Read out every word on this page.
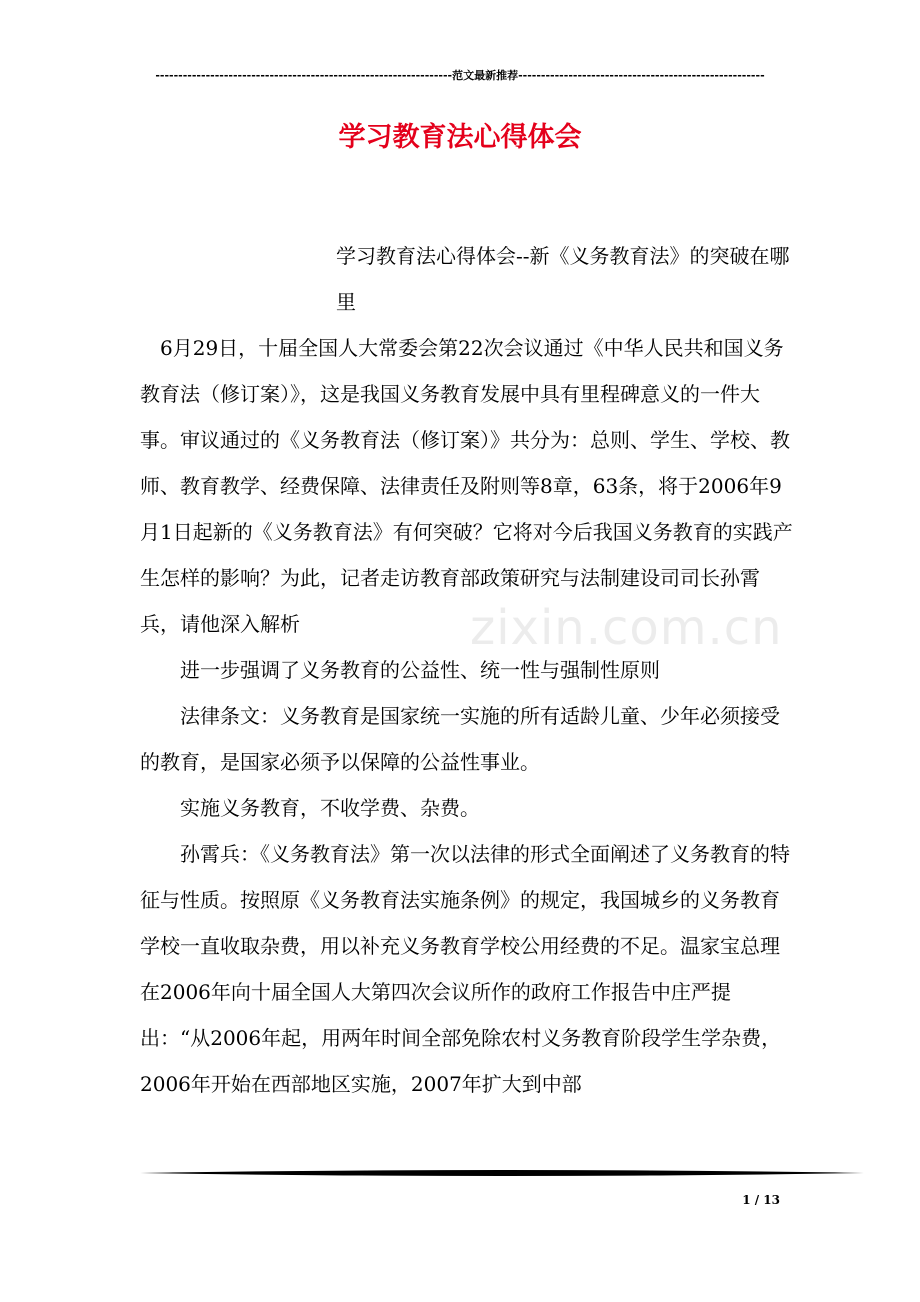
-----------------------------------------------------------------范文最新推荐------------------------------------------------------
学习教育法心得体会
zixin.com.cn

学习教育法心得体会--新《义务教育法》的突破在哪里

6月29日，十届全国人大常委会第22次会议通过《中华人民共和国义务教育法（修订案）》，这是我国义务教育发展中具有里程碑意义的一件大事。审议通过的《义务教育法（修订案）》共分为：总则、学生、学校、教师、教育教学、经费保障、法律责任及附则等8章，63条，将于2006年9月1日起新的《义务教育法》有何突破？它将对今后我国义务教育的实践产生怎样的影响？为此，记者走访教育部政策研究与法制建设司司长孙霄兵，请他深入解析

进一步强调了义务教育的公益性、统一性与强制性原则

法律条文：义务教育是国家统一实施的所有适龄儿童、少年必须接受的教育，是国家必须予以保障的公益性事业。

实施义务教育，不收学费、杂费。

孙霄兵：《义务教育法》第一次以法律的形式全面阐述了义务教育的特征与性质。按照原《义务教育法实施条例》的规定，我国城乡的义务教育学校一直收取杂费，用以补充义务教育学校公用经费的不足。温家宝总理在2006年向十届全国人大第四次会议所作的政府工作报告中庄严提出：“从2006年起，用两年时间全部免除农村义务教育阶段学生学杂费，2006年开始在西部地区实施，2007年扩大到中部

1 / 13
